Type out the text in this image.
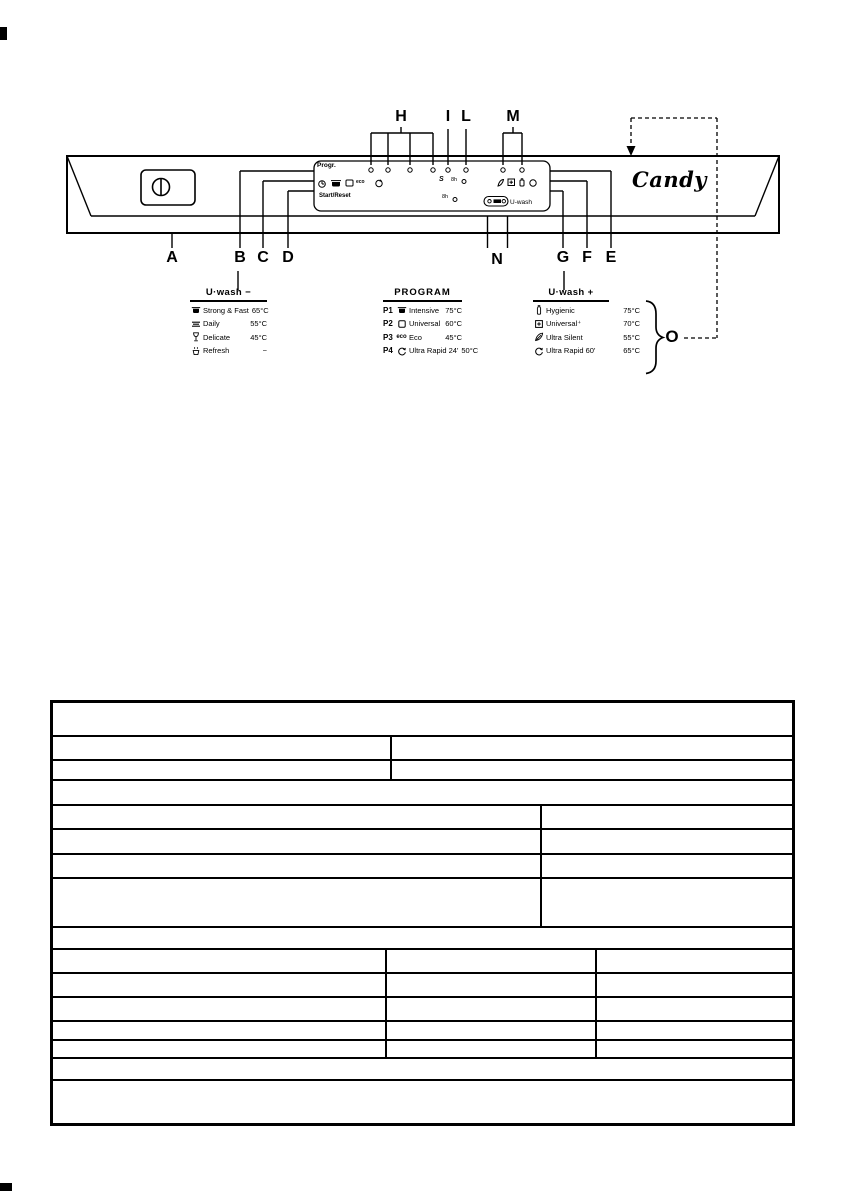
Progr.
Start/Reset
U-wash
S 8h
8h
eco	Candy
H	I L	M
A	B C D	N	G F E
O
U·wash −
Strong & Fast 65°C
Daily	55°C
Delicate	45°C
Refresh	−
PROGRAM
P1	Intensive 75°C
P2	Universal 60°C
P3 eco Eco	45°C
P4	Ultra Rapid 24' 50°C
U·wash +
Hygienic	75°C
Universal⁺	70°C
Ultra Silent	55°C
Ultra Rapid 60'	65°C
